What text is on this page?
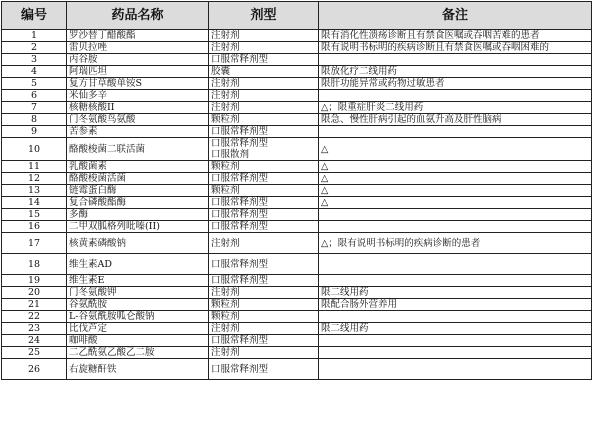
编号	药品名称	剂型	备注
1	罗沙替丁醋酸酯	注射剂	限有消化性溃疡诊断且有禁食医嘱或吞咽苦难的患者
2	雷贝拉唑	注射剂	限有说明书标明的疾病诊断且有禁食医嘱或吞咽困难的
3	丙谷胺	口服常释剂型	

4	阿瑞匹坦	胶囊	限放化疗二线用药
5	复方甘草酸单铵S	注射剂	限肝功能异常或药物过敏患者
6	米仙多辛	注射剂	

7	核糖核酸II	注射剂	△；限重症肝炎二线用药
8	门冬氨酸鸟氨酸	颗粒剂	限急、慢性肝病引起的血氨升高及肝性脑病
9	苦参素	口服常释剂型	

10	酪酸梭菌二联活菌	口服常释剂型
口服散剂	△
11	乳酸菌素	颗粒剂	△
12	酪酸梭菌活菌	口服常释剂型	△
13	链霉蛋白酶	颗粒剂	△
14	复合磷酸酯酶	口服常释剂型	△
15	多酶	口服常释剂型	

16	二甲双胍格列吡嗪(II)	口服常释剂型	

17	核黄素磷酸钠	注射剂	△；限有说明书标明的疾病诊断的患者
18	维生素AD	口服常释剂型	

19	维生素E	口服常释剂型	

20	门冬氨酸钾	注射剂	限二线用药
21	谷氨酰胺	颗粒剂	限配合肠外营养用
22	L-谷氨酰胺呱仑酸钠	颗粒剂	

23	比伐芦定	注射剂	限二线用药
24	咖啡酸	口服常释剂型	

25	二乙酰氨乙酸乙二胺	注射剂	

26	右旋糖酐铁	口服常释剂型	
